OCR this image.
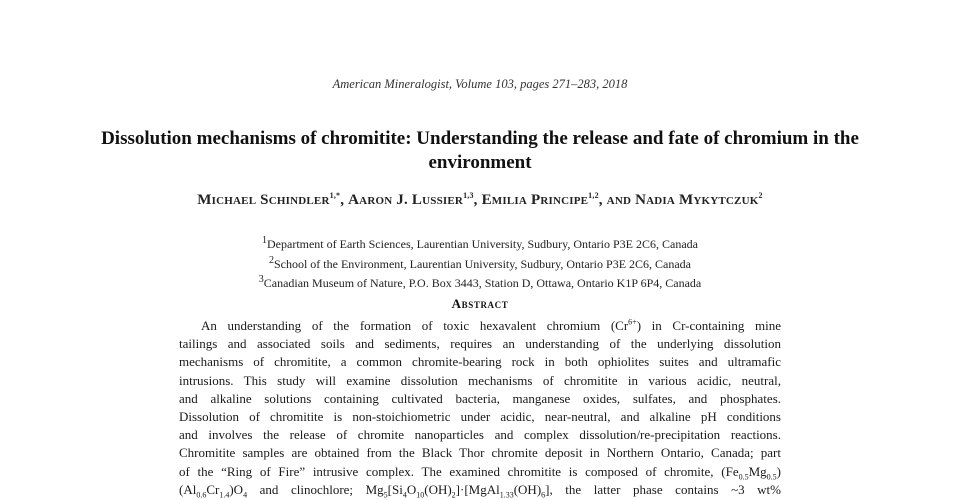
American Mineralogist, Volume 103, pages 271–283, 2018
Dissolution mechanisms of chromitite: Understanding the release and fate of chromium in the environment
Michael Schindler$^{1,*}$, Aaron J. Lussier$^{1,3}$, Emilia Principe$^{1,2}$, and Nadia Mykytczuk$^2$
$^1$Department of Earth Sciences, Laurentian University, Sudbury, Ontario P3E 2C6, Canada
$^2$School of the Environment, Laurentian University, Sudbury, Ontario P3E 2C6, Canada
$^3$Canadian Museum of Nature, P.O. Box 3443, Station D, Ottawa, Ontario K1P 6P4, Canada
Abstract
An understanding of the formation of toxic hexavalent chromium $(Cr^{6+})$ in Cr-containing mine
tailings and associated soils and sediments, requires an understanding of the underlying dissolution
mechanisms of chromitite, a common chromite-bearing rock in both ophiolites suites and ultramafic
intrusions. This study will examine dissolution mechanisms of chromitite in various acidic, neutral,
and alkaline solutions containing cultivated bacteria, manganese oxides, sulfates, and phosphates.
Dissolution of chromitite is non-stoichiometric under acidic, near-neutral, and alkaline pH conditions
and involves the release of chromite nanoparticles and complex dissolution/re-precipitation reactions.
Chromitite samples are obtained from the Black Thor chromite deposit in Northern Ontario, Canada; part
of the “Ring of Fire” intrusive complex. The examined chromitite is composed of chromite, $(Fe_{0.5}Mg_{0.5})$
$(Al_{0.6}Cr_{1.4})O_4$ and clinochlore; $Mg_5[Si_4O_{10}(OH)_2]\cdot[MgAl_{1.33}(OH)_6]$, the latter phase contains ~3 wt%
